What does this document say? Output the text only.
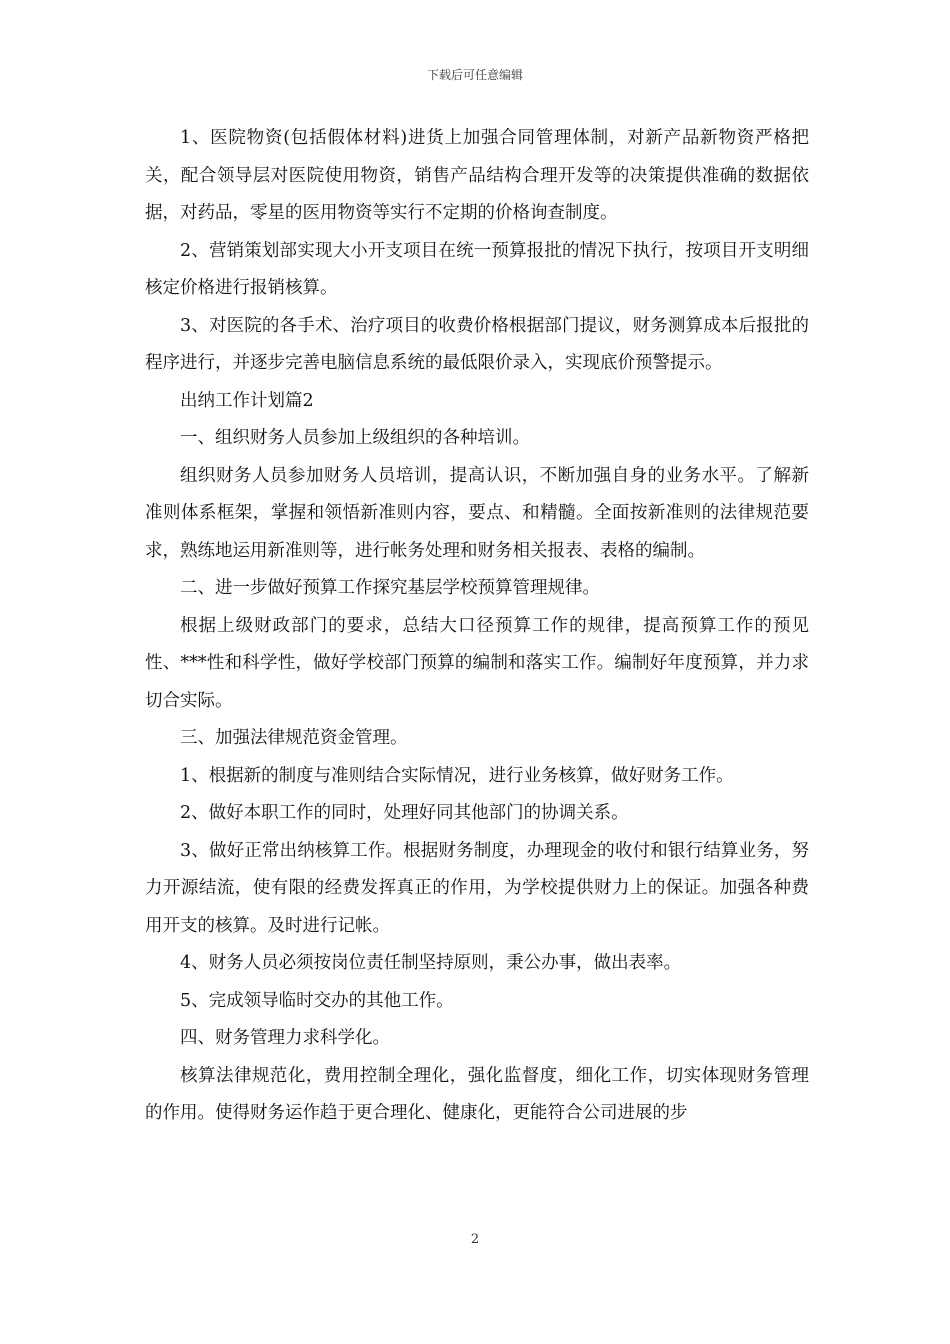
下载后可任意编辑

1、医院物资(包括假体材料)进货上加强合同管理体制，对新产品新物资严格把关，配合领导层对医院使用物资，销售产品结构合理开发等的决策提供准确的数据依据，对药品，零星的医用物资等实行不定期的价格询查制度。

2、营销策划部实现大小开支项目在统一预算报批的情况下执行，按项目开支明细核定价格进行报销核算。

3、对医院的各手术、治疗项目的收费价格根据部门提议，财务测算成本后报批的程序进行，并逐步完善电脑信息系统的最低限价录入，实现底价预警提示。

出纳工作计划篇2

一、组织财务人员参加上级组织的各种培训。

组织财务人员参加财务人员培训，提高认识，不断加强自身的业务水平。了解新准则体系框架，掌握和领悟新准则内容，要点、和精髓。全面按新准则的法律规范要求，熟练地运用新准则等，进行帐务处理和财务相关报表、表格的编制。

二、进一步做好预算工作探究基层学校预算管理规律。

根据上级财政部门的要求，总结大口径预算工作的规律，提高预算工作的预见性、***性和科学性，做好学校部门预算的编制和落实工作。编制好年度预算，并力求切合实际。

三、加强法律规范资金管理。

1、根据新的制度与准则结合实际情况，进行业务核算，做好财务工作。

2、做好本职工作的同时，处理好同其他部门的协调关系。

3、做好正常出纳核算工作。根据财务制度，办理现金的收付和银行结算业务，努力开源结流，使有限的经费发挥真正的作用，为学校提供财力上的保证。加强各种费用开支的核算。及时进行记帐。

4、财务人员必须按岗位责任制坚持原则，秉公办事，做出表率。

5、完成领导临时交办的其他工作。

四、财务管理力求科学化。

核算法律规范化，费用控制全理化，强化监督度，细化工作，切实体现财务管理的作用。使得财务运作趋于更合理化、健康化，更能符合公司进展的步

2
